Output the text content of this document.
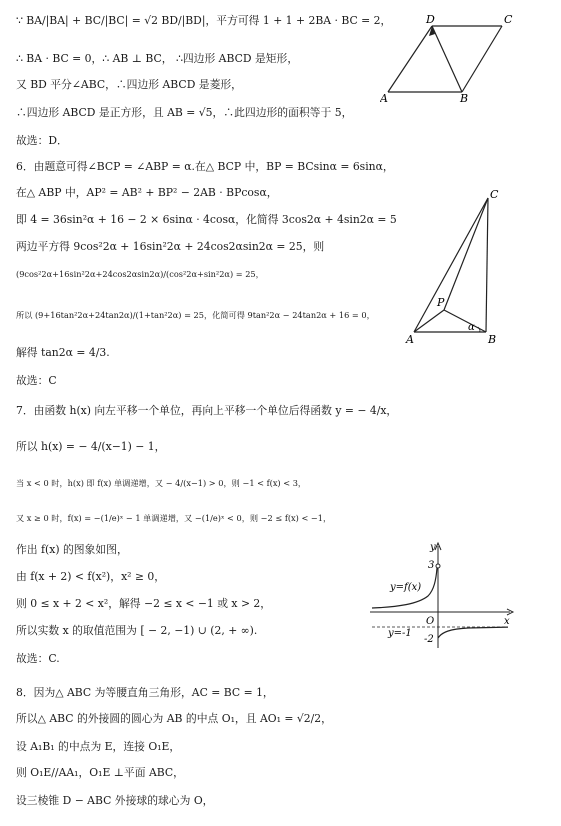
∵ BA/|BA| + BC/|BC| = √2 BD/|BD|，平方可得 1 + 1 + 2BA · BC = 2，
∴ BA · BC = 0，∴ AB ⊥ BC， ∴四边形 ABCD 是矩形，
又 BD 平分∠ABC，∴四边形 ABCD 是菱形，
∴四边形 ABCD 是正方形，且 AB = √5，∴此四边形的面积等于 5，
故选：D．
6．由题意可得∠BCP = ∠ABP = α.在△ BCP 中，BP = BCsinα = 6sinα，
在△ ABP 中，AP² = AB² + BP² − 2AB · BPcosα，
即 4 = 36sin²α + 16 − 2 × 6sinα · 4cosα，化简得 3cos2α + 4sin2α = 5
两边平方得 9cos²2α + 16sin²2α + 24cos2αsin2α = 25，则
(9cos²2α+16sin²2α+24cos2αsin2α)/(cos²2α+sin²2α) = 25，
所以 (9+16tan²2α+24tan2α)/(1+tan²2α) = 25，化简可得 9tan²2α − 24tan2α + 16 = 0，
解得 tan2α = 4/3.
故选：C
7．由函数 h(x) 向左平移一个单位，再向上平移一个单位后得函数 y = − 4/x，
所以 h(x) = − 4/(x−1) − 1，
当 x < 0 时，h(x) 即 f(x) 单调递增，又 − 4/(x−1) > 0，则 −1 < f(x) < 3，
又 x ≥ 0 时，f(x) = −(1/e)ˣ − 1 单调递增，又 −(1/e)ˣ < 0，则 −2 ≤ f(x) < −1，
作出 f(x) 的图象如图，
由 f(x + 2) < f(x²)，x² ≥ 0，
则 0 ≤ x + 2 < x²，解得 −2 ≤ x < −1 或 x > 2，
所以实数 x 的取值范围为 [ − 2, −1) ∪ (2, + ∞).
故选：C.
8．因为△ ABC 为等腰直角三角形，AC = BC = 1，
所以△ ABC 的外接圆的圆心为 AB 的中点 O₁，且 AO₁ = √2/2，
设 A₁B₁ 的中点为 E，连接 O₁E，
则 O₁E//AA₁，O₁E ⊥平面 ABC，
设三棱锥 D − ABC 外接球的球心为 O，
A	B
C
D
A	B
C
P
α
y
x
O
y=f(x)
y=-1
3
-2
